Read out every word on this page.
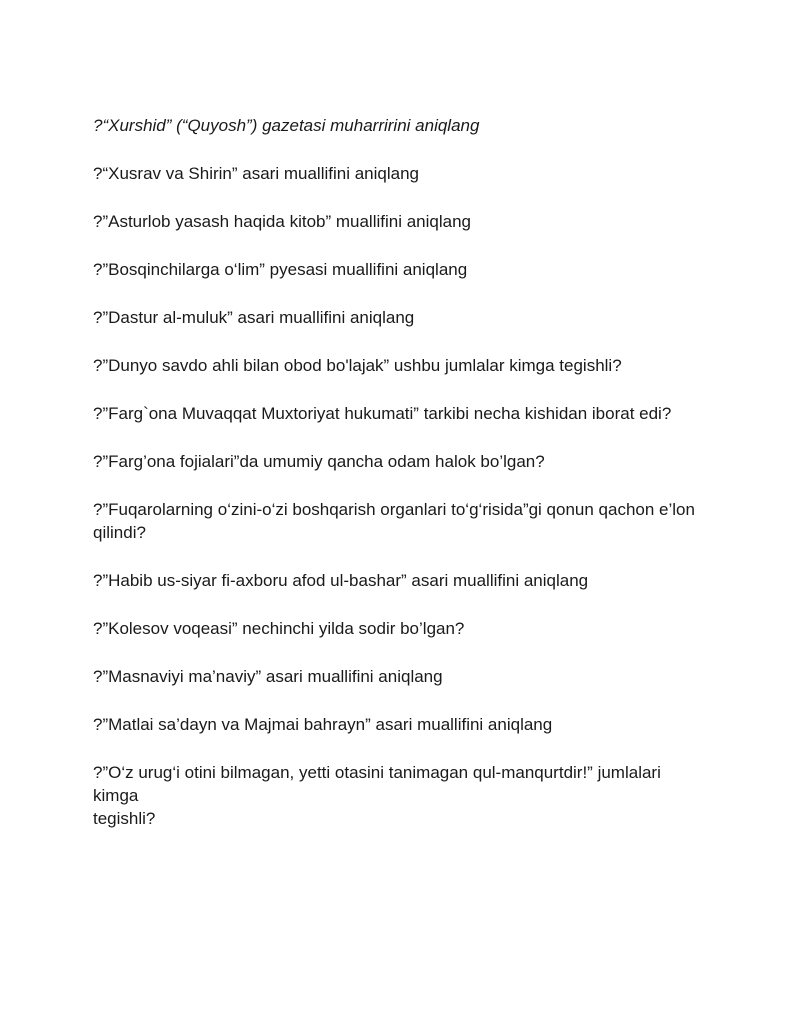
?“Xurshid” (“Quyosh”) gazetasi muharririni aniqlang

?“Xusrav va Shirin” asari muallifini aniqlang

?”Asturlob yasash haqida kitob” muallifini aniqlang

?”Bosqinchilarga o‘lim” pyesasi muallifini aniqlang

?”Dastur al-muluk” asari muallifini aniqlang

?”Dunyo savdo ahli bilan obod bo'lajak” ushbu jumlalar kimga tegishli?

?”Farg`ona Muvaqqat Muxtoriyat hukumati” tarkibi necha kishidan iborat edi?

?”Farg’ona fojialari”da umumiy qancha odam halok bo’lgan?

?”Fuqarolarning o‘zini-o‘zi boshqarish organlari to‘g‘risida”gi qonun qachon e’lon qilindi?

?”Habib us-siyar fi-axboru afod ul-bashar” asari muallifini aniqlang

?”Kolesov voqeasi” nechinchi yilda sodir bo’lgan?

?”Masnaviyi ma’naviy” asari muallifini aniqlang

?”Matlai sa’dayn va Majmai bahrayn” asari muallifini aniqlang

?”O‘z urug‘i otini bilmagan, yetti otasini tanimagan qul-manqurtdir!” jumlalari
kimga
tegishli?
